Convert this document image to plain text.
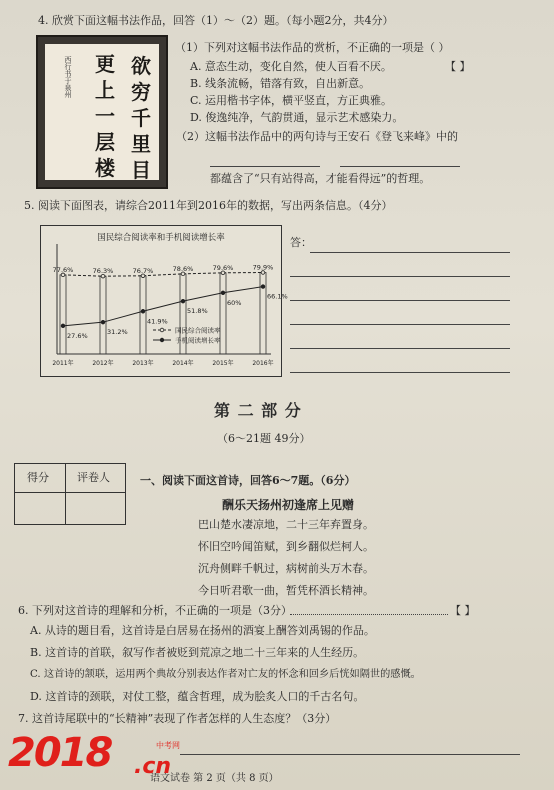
4. 欣赏下面这幅书法作品，回答（1）～（2）题。（每小题2分，共4分）
欲
穷
千
里
目
更
上
一
层
楼
西行书于泉州
（1）下列对这幅书法作品的赏析，不正确的一项是（ ）
【 】
A. 意态生动，变化自然，使人百看不厌。
B. 线条流畅，错落有致，自出新意。
C. 运用楷书字体，横平竖直，方正典雅。
D. 俊逸纯净，气韵贯通，显示艺术感染力。
（2）这幅书法作品中的两句诗与王安石《登飞来峰》中的
都蕴含了“只有站得高，才能看得远”的哲理。
5. 阅读下面图表，请综合2011年到2016年的数据，写出两条信息。（4分）
国民综合阅读率和手机阅读增长率
2011年	2012年	2013年	2014年	2015年	2016年
77.6%	76.3%	76.7%	78.6%	79.6%	79.9%
27.6%	31.2%
41.9%
51.8%
60%
66.1%
国民综合阅读率
手机阅读增长率
答：
第 二 部 分
（6～21题 49分）
得分	评卷人	一、阅读下面这首诗，回答6～7题。（6分）
酬乐天扬州初逢席上见赠
巴山楚水凄凉地，二十三年弃置身。
怀旧空吟闻笛赋，到乡翻似烂柯人。
沉舟侧畔千帆过，病树前头万木春。
今日听君歌一曲，暂凭杯酒长精神。
6. 下列对这首诗的理解和分析，不正确的一项是（3分）	【 】
A. 从诗的题目看，这首诗是白居易在扬州的酒宴上酬答刘禹锡的作品。
B. 这首诗的首联，叙写作者被贬到荒凉之地二十三年来的人生经历。
C. 这首诗的颔联，运用两个典故分别表达作者对亡友的怀念和回乡后恍如隔世的感慨。
D. 这首诗的颈联，对仗工整，蕴含哲理，成为脍炙人口的千古名句。
7. 这首诗尾联中的“长精神”表现了作者怎样的人生态度？（3分）
语文试卷 第 2 页（共 8 页）
2018 .cn
中考网
